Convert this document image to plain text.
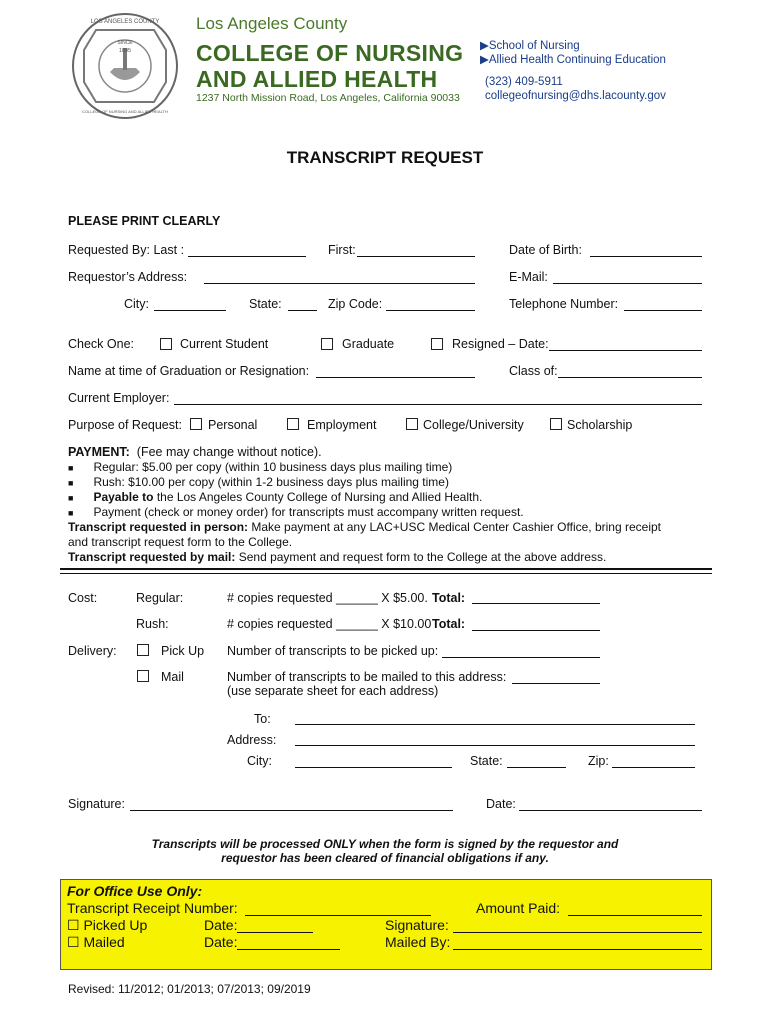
LOS ANGELES COUNTY
SINCE
1895
COLLEGE OF NURSING AND ALLIED HEALTH
Los Angeles County
COLLEGE OF NURSING
AND ALLIED HEALTH
1237 North Mission Road, Los Angeles, California 90033
▶School of Nursing
▶Allied Health Continuing Education
(323) 409-5911
collegeofnursing@dhs.lacounty.gov
TRANSCRIPT REQUEST
PLEASE PRINT CLEARLY
Requested By: Last :	First:	Date of Birth:
Requestor’s Address:	E-Mail:
City:	State:	Zip Code:	Telephone Number:
Check One:	Current Student	Graduate	Resigned – Date:
Name at time of Graduation or Resignation:	Class of:
Current Employer:
Purpose of Request: Personal	Employment	College/University	Scholarship
PAYMENT: (Fee may change without notice).
■ Regular: $5.00 per copy (within 10 business days plus mailing time)
■ Rush: $10.00 per copy (within 1-2 business days plus mailing time)
■ Payable to the Los Angeles County College of Nursing and Allied Health.
■ Payment (check or money order) for transcripts must accompany written request.
Transcript requested in person: Make payment at any LAC+USC Medical Center Cashier Office, bring receipt
and transcript request form to the College.
Transcript requested by mail: Send payment and request form to the College at the above address.
Cost:	Regular:	# copies requested ______ X $5.00. Total:
Rush:	# copies requested ______ X $10.00 Total:
Delivery:	Pick Up Number of transcripts to be picked up:
Mail	Number of transcripts to be mailed to this address:
(use separate sheet for each address)
To:
Address:
City:	State:	Zip:
Signature:	Date:
Transcripts will be processed ONLY when the form is signed by the requestor and
requestor has been cleared of financial obligations if any.
For Office Use Only:
Transcript Receipt Number:	Amount Paid:
☐ Picked Up	Date:	Signature:
☐ Mailed	Date:	Mailed By:
Revised: 11/2012; 01/2013; 07/2013; 09/2019
